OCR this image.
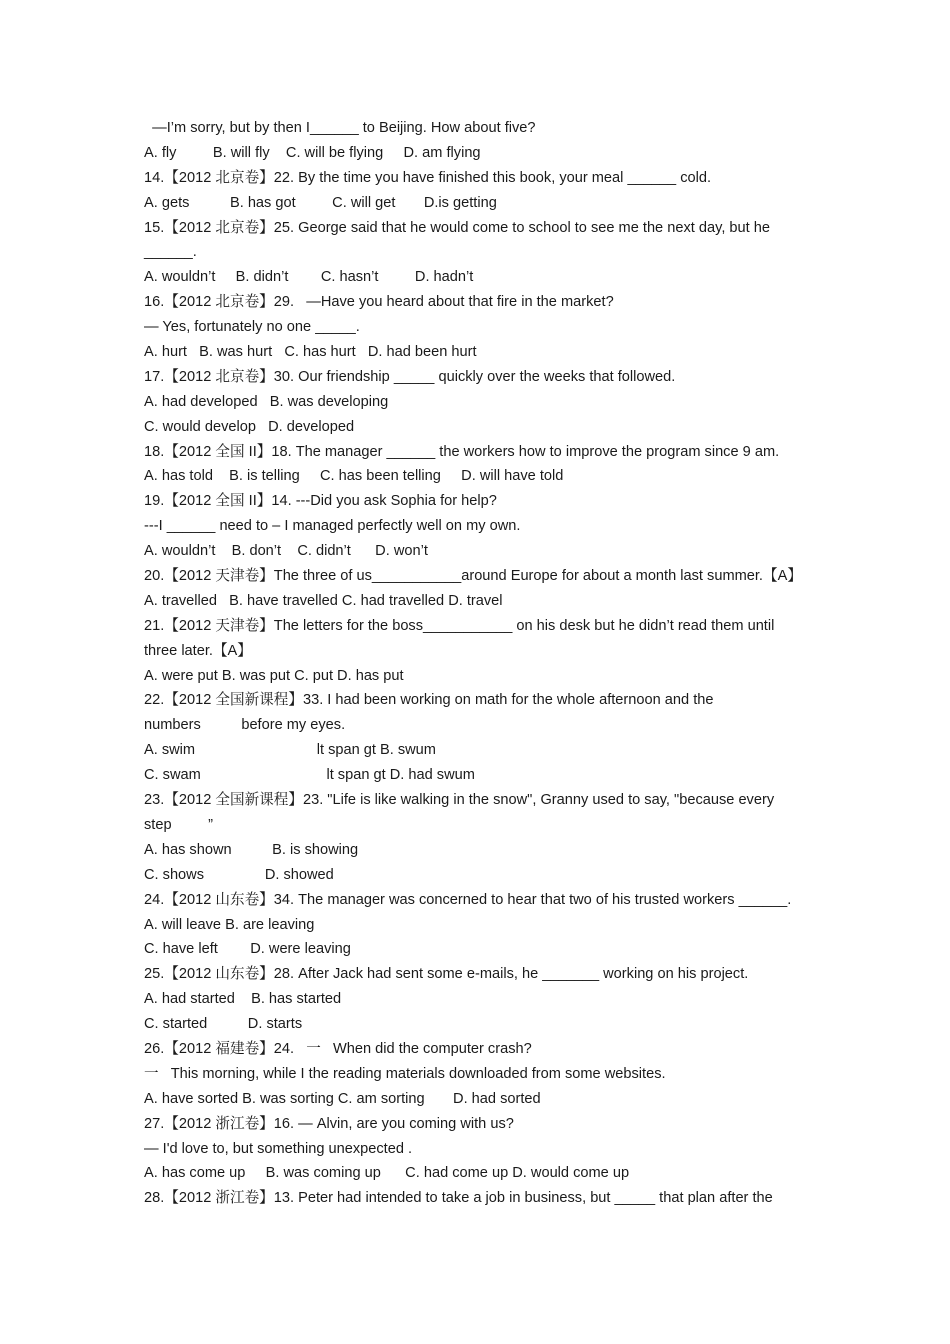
—I’m sorry, but by then I______ to Beijing. How about five?
A. fly         B. will fly    C. will be flying     D. am flying
14.【2012 北京卷】22. By the time you have finished this book, your meal ______ cold.
A. gets          B. has got         C. will get       D.is getting
15.【2012 北京卷】25. George said that he would come to school to see me the next day, but he
______.
A. wouldn’t     B. didn’t        C. hasn’t         D. hadn’t
16.【2012 北京卷】29.   —Have you heard about that fire in the market?
— Yes, fortunately no one _____.
A. hurt   B. was hurt   C. has hurt   D. had been hurt
17.【2012 北京卷】30. Our friendship _____ quickly over the weeks that followed.
A. had developed   B. was developing
C. would develop   D. developed
18.【2012 全国 II】18. The manager ______ the workers how to improve the program since 9 am.
A. has told    B. is telling     C. has been telling     D. will have told
19.【2012 全国 II】14. ---Did you ask Sophia for help?
---I ______ need to – I managed perfectly well on my own.
A. wouldn’t    B. don’t    C. didn’t      D. won’t
20.【2012 天津卷】The three of us___________around Europe for about a month last summer.【A】
A. travelled   B. have travelled C. had travelled D. travel
21.【2012 天津卷】The letters for the boss___________ on his desk but he didn’t read them until
three later.【A】
A. were put B. was put C. put D. has put
22.【2012 全国新课程】33. I had been working on math for the whole afternoon and the
numbers          before my eyes.
A. swim                              lt span gt B. swum
C. swam                               lt span gt D. had swum
23.【2012 全国新课程】23. "Life is like walking in the snow", Granny used to say, "because every
step         ”
A. has shown          B. is showing
C. shows               D. showed
24.【2012 山东卷】34. The manager was concerned to hear that two of his trusted workers ______.
A. will leave B. are leaving
C. have left        D. were leaving
25.【2012 山东卷】28. After Jack had sent some e-mails, he _______ working on his project.
A. had started    B. has started
C. started          D. starts
26.【2012 福建卷】24.   一   When did the computer crash?
一   This morning, while I the reading materials downloaded from some websites.
A. have sorted B. was sorting C. am sorting       D. had sorted
27.【2012 浙江卷】16. — Alvin, are you coming with us?
— I'd love to, but something unexpected .
A. has come up     B. was coming up      C. had come up D. would come up
28.【2012 浙江卷】13. Peter had intended to take a job in business, but _____ that plan after the
